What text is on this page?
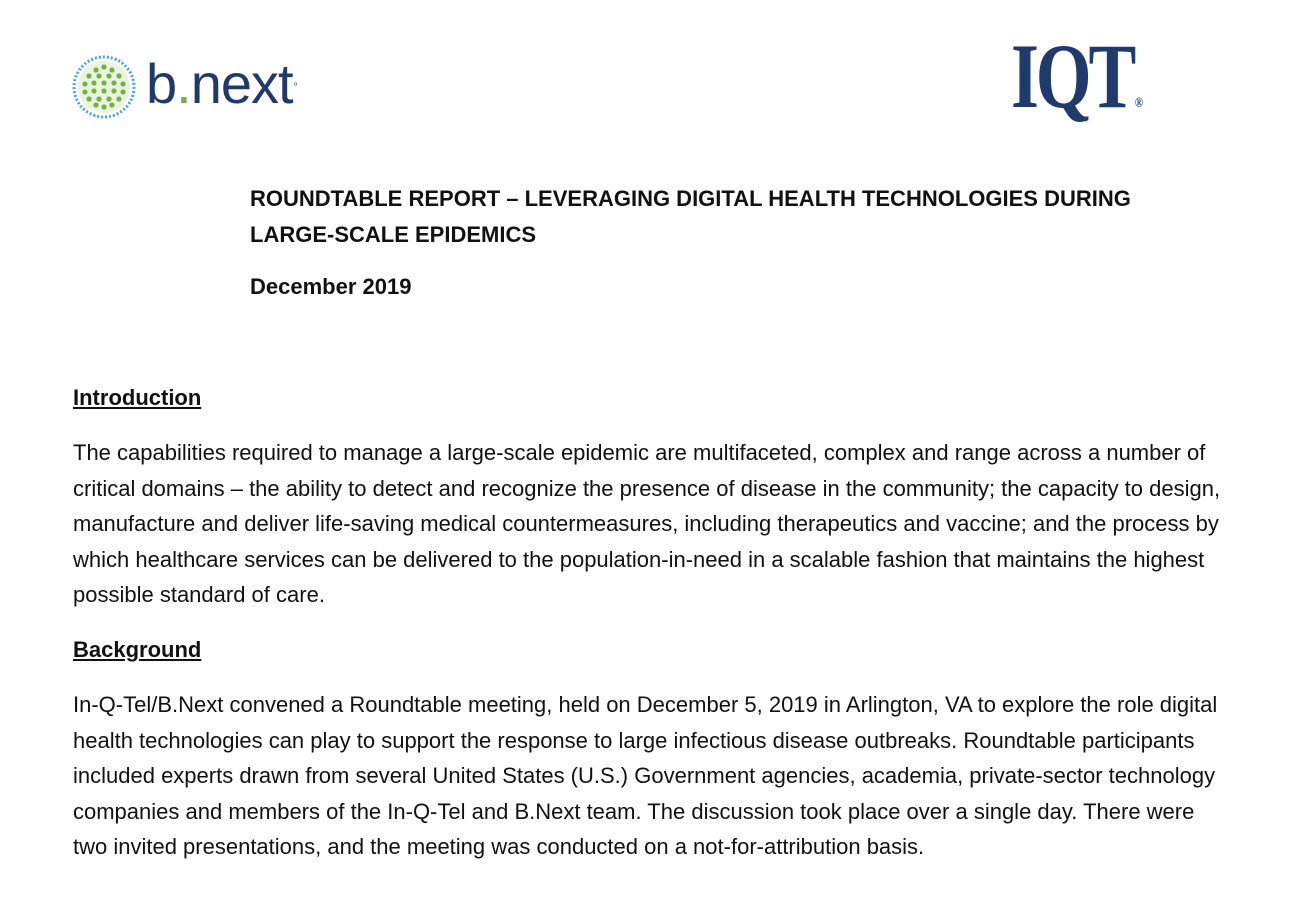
b.next°	IQT ®

ROUNDTABLE REPORT – LEVERAGING DIGITAL HEALTH TECHNOLOGIES DURING LARGE-SCALE EPIDEMICS

December 2019

Introduction

The capabilities required to manage a large-scale epidemic are multifaceted, complex and range across a number of critical domains – the ability to detect and recognize the presence of disease in the community; the capacity to design, manufacture and deliver life-saving medical countermeasures, including therapeutics and vaccine; and the process by which healthcare services can be delivered to the population-in-need in a scalable fashion that maintains the highest possible standard of care.

Background

In-Q-Tel/B.Next convened a Roundtable meeting, held on December 5, 2019 in Arlington, VA to explore the role digital health technologies can play to support the response to large infectious disease outbreaks. Roundtable participants included experts drawn from several United States (U.S.) Government agencies, academia, private-sector technology companies and members of the In-Q-Tel and B.Next team. The discussion took place over a single day. There were two invited presentations, and the meeting was conducted on a not-for-attribution basis.
